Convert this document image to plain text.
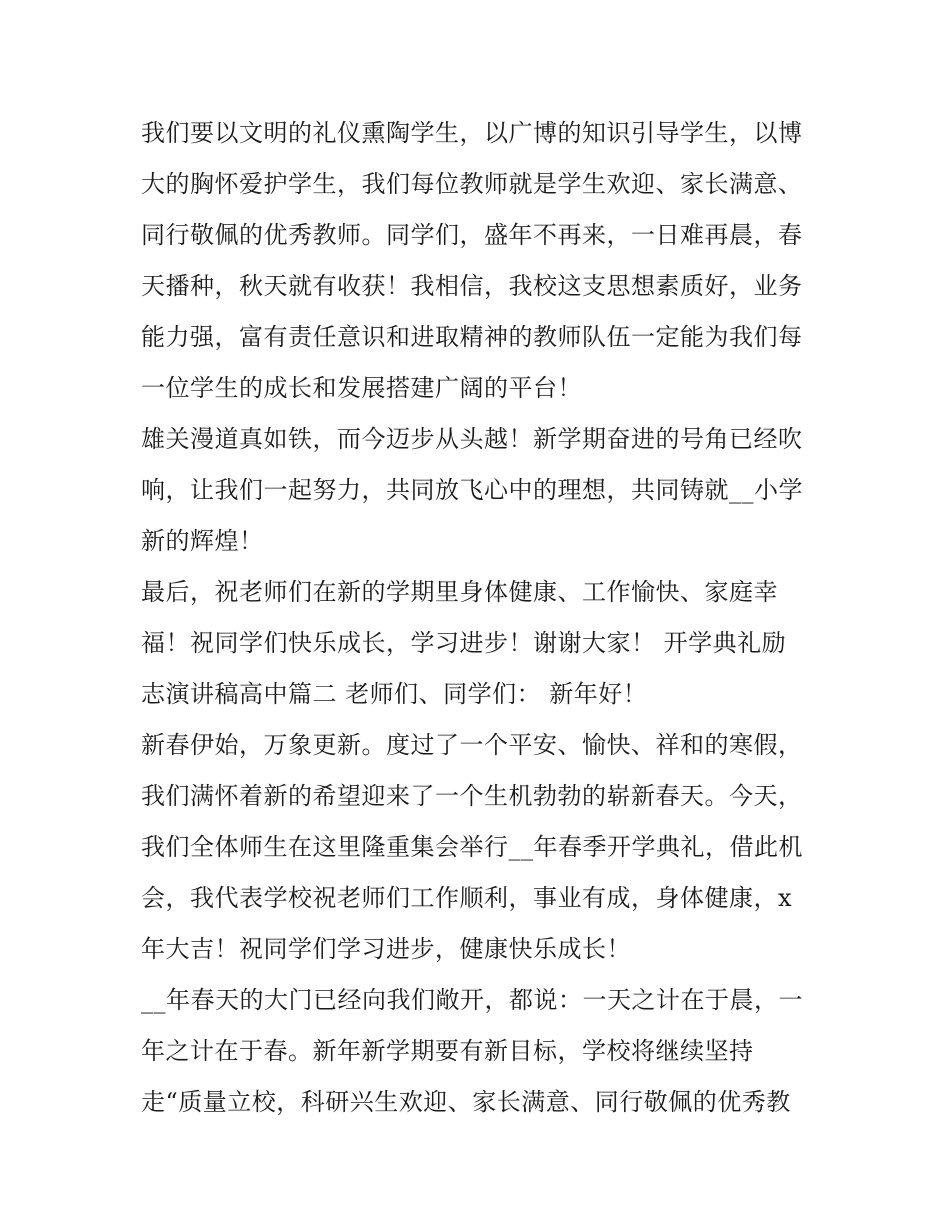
我们要以文明的礼仪熏陶学生，以广博的知识引导学生，以博
大的胸怀爱护学生，我们每位教师就是学生欢迎、家长满意、
同行敬佩的优秀教师。同学们，盛年不再来，一日难再晨，春
天播种，秋天就有收获！我相信，我校这支思想素质好，业务
能力强，富有责任意识和进取精神的教师队伍一定能为我们每
一位学生的成长和发展搭建广阔的平台！
雄关漫道真如铁，而今迈步从头越！新学期奋进的号角已经吹
响，让我们一起努力，共同放飞心中的理想，共同铸就__小学
新的辉煌！
最后，祝老师们在新的学期里身体健康、工作愉快、家庭幸
福！祝同学们快乐成长，学习进步！谢谢大家！ 开学典礼励
志演讲稿高中篇二 老师们、同学们： 新年好！
新春伊始，万象更新。度过了一个平安、愉快、祥和的寒假，
我们满怀着新的希望迎来了一个生机勃勃的崭新春天。今天，
我们全体师生在这里隆重集会举行__年春季开学典礼，借此机
会，我代表学校祝老师们工作顺利，事业有成，身体健康，x
年大吉！祝同学们学习进步，健康快乐成长！
__年春天的大门已经向我们敞开，都说：一天之计在于晨，一
年之计在于春。新年新学期要有新目标，学校将继续坚持
走“质量立校，科研兴生欢迎、家长满意、同行敬佩的优秀教
